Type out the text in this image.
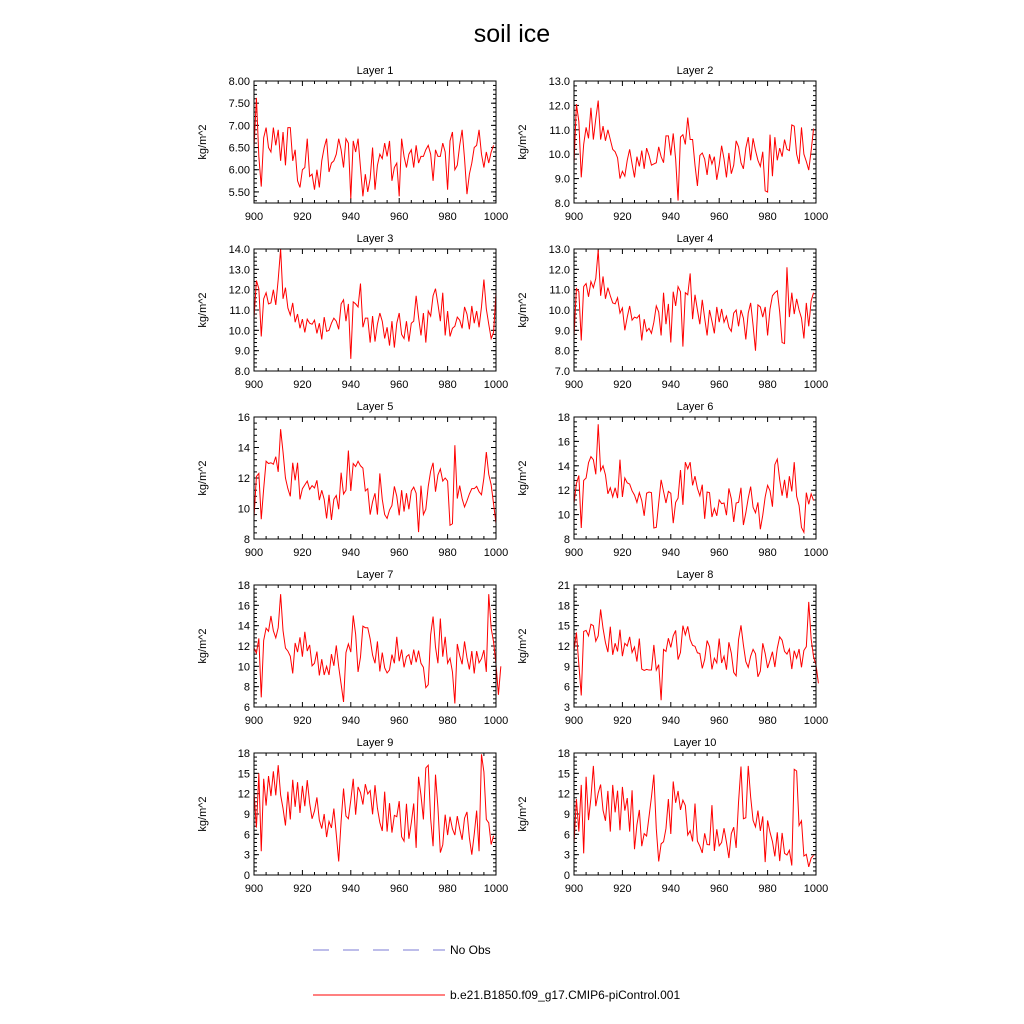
soil ice
Layer 1
kg/m^2
900	920	940	960	980 1000
5.50
6.00
6.50
7.00
7.50
8.00
Layer 2
kg/m^2
900	920	940	960	980 1000
8.0
9.0
10.0
11.0
12.0
13.0
Layer 3
kg/m^2
900	920	940	960	980 1000
8.0
9.0
10.0
11.0
12.0
13.0
14.0
Layer 4
kg/m^2
900	920	940	960	980 1000
7.0
8.0
9.0
10.0
11.0
12.0
13.0
Layer 5
kg/m^2
900	920	940	960	980 1000
8
10
12
14
16
Layer 6
kg/m^2
900	920	940	960	980 1000
8
10
12
14
16
18
Layer 7
kg/m^2
900	920	940	960	980 1000
6
8
10
12
14
16
18
Layer 8
kg/m^2
900	920	940	960	980 1000
3
6
9
12
15
18
21
Layer 9
kg/m^2
900	920	940	960	980 1000
0
3
6
9
12
15
18
Layer 10
kg/m^2
900	920	940	960	980 1000
0
3
6
9
12
15
18
No Obs
b.e21.B1850.f09_g17.CMIP6-piControl.001
